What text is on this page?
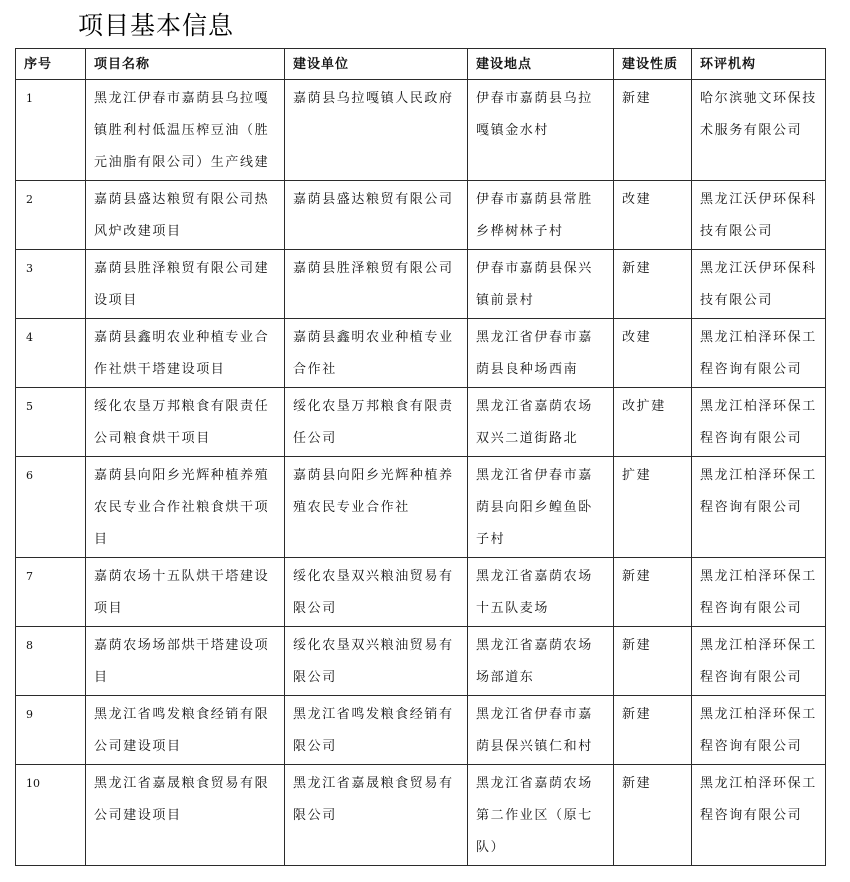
项目基本信息
序号	项目名称	建设单位	建设地点	建设性质	环评机构
1	黑龙江伊春市嘉荫县乌拉嘎镇胜利村低温压榨豆油（胜元油脂有限公司）生产线建	嘉荫县乌拉嘎镇人民政府	伊春市嘉荫县乌拉嘎镇金水村	新建	哈尔滨驰文环保技术服务有限公司
2	嘉荫县盛达粮贸有限公司热风炉改建项目	嘉荫县盛达粮贸有限公司	伊春市嘉荫县常胜乡桦树林子村	改建	黑龙江沃伊环保科技有限公司
3	嘉荫县胜泽粮贸有限公司建设项目	嘉荫县胜泽粮贸有限公司	伊春市嘉荫县保兴镇前景村	新建	黑龙江沃伊环保科技有限公司
4	嘉荫县鑫明农业种植专业合作社烘干塔建设项目	嘉荫县鑫明农业种植专业合作社	黑龙江省伊春市嘉荫县良种场西南	改建	黑龙江柏泽环保工程咨询有限公司
5	绥化农垦万邦粮食有限责任公司粮食烘干项目	绥化农垦万邦粮食有限责任公司	黑龙江省嘉荫农场双兴二道街路北	改扩建	黑龙江柏泽环保工程咨询有限公司
6	嘉荫县向阳乡光辉种植养殖农民专业合作社粮食烘干项目	嘉荫县向阳乡光辉种植养殖农民专业合作社	黑龙江省伊春市嘉荫县向阳乡鳇鱼卧子村	扩建	黑龙江柏泽环保工程咨询有限公司
7	嘉荫农场十五队烘干塔建设项目	绥化农垦双兴粮油贸易有限公司	黑龙江省嘉荫农场十五队麦场	新建	黑龙江柏泽环保工程咨询有限公司
8	嘉荫农场场部烘干塔建设项目	绥化农垦双兴粮油贸易有限公司	黑龙江省嘉荫农场场部道东	新建	黑龙江柏泽环保工程咨询有限公司
9	黑龙江省鸣发粮食经销有限公司建设项目	黑龙江省鸣发粮食经销有限公司	黑龙江省伊春市嘉荫县保兴镇仁和村	新建	黑龙江柏泽环保工程咨询有限公司
10	黑龙江省嘉晟粮食贸易有限公司建设项目	黑龙江省嘉晟粮食贸易有限公司	黑龙江省嘉荫农场第二作业区（原七队）	新建	黑龙江柏泽环保工程咨询有限公司
